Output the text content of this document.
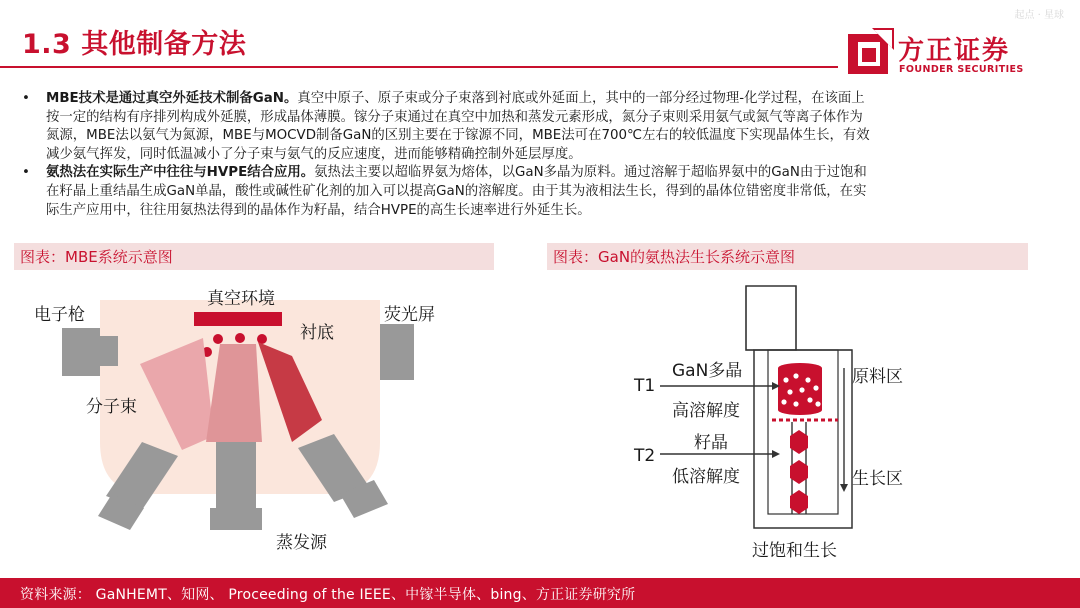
起点 · 星球
1.3 其他制备方法	方正证券
FOUNDER SECURITIES
• MBE技术是通过真空外延技术制备GaN。真空中原子、原子束或分子束落到衬底或外延面上，其中的一部分经过物理-化学过程，在该面上
按一定的结构有序排列构成外延膜，形成晶体薄膜。镓分子束通过在真空中加热和蒸发元素形成，氮分子束则采用氨气或氮气等离子体作为
氮源，MBE法以氨气为氮源，MBE与MOCVD制备GaN的区别主要在于镓源不同，MBE法可在700℃左右的较低温度下实现晶体生长，有效
减少氨气挥发，同时低温减小了分子束与氨气的反应速度，进而能够精确控制外延层厚度。
• 氨热法在实际生产中往往与HVPE结合应用。氨热法主要以超临界氨为熔体，以GaN多晶为原料。通过溶解于超临界氨中的GaN由于过饱和
在籽晶上重结晶生成GaN单晶，酸性或碱性矿化剂的加入可以提高GaN的溶解度。由于其为液相法生长，得到的晶体位错密度非常低，在实
际生产应用中，往往用氨热法得到的晶体作为籽晶，结合HVPE的高生长速率进行外延生长。
图表：MBE系统示意图	图表：GaN的氨热法生长系统示意图
电子枪
真空环境
荧光屏
衬底
分子束
蒸发源
GaN多晶
T1
高溶解度
籽晶
T2
低溶解度
原料区
生长区
过饱和生长
资料来源： GaNHEMT、知网、 Proceeding of the IEEE、中镓半导体、bing、方正证券研究所
